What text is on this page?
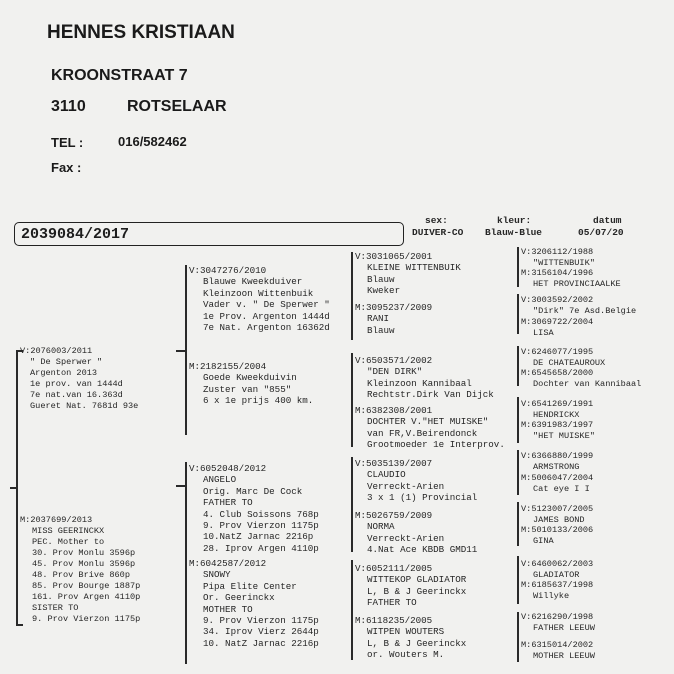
HENNES KRISTIAAN
KROONSTRAAT 7
3110	ROTSELAAR
TEL :	016/582462
Fax :
2039084/2017
sex:
DUIVER-CO
kleur:
Blauw-Blue
datum
05/07/20
V:2076003/2011
" De Sperwer "
Argenton 2013
1e prov. van 1444d
7e nat.van 16.363d
Gueret Nat. 7681d 93e
M:2037699/2013
MISS GEERINCKX
PEC. Mother to
30. Prov Monlu 3596p
45. Prov Monlu 3596p
48. Prov Brive 860p
85. Prov Bourge 1887p
161. Prov Argen 4110p
SISTER TO
9. Prov Vierzon 1175p
V:3047276/2010
Blauwe Kweekduiver
Kleinzoon Wittenbuik
Vader v. " De Sperwer "
1e Prov. Argenton 1444d
7e Nat. Argenton 16362d
M:2182155/2004
Goede Kweekduivin
Zuster van "855"
6 x 1e prijs 400 km.
V:6052048/2012
ANGELO
Orig. Marc De Cock
FATHER TO
4. Club Soissons 768p
9. Prov Vierzon 1175p
10.NatZ Jarnac 2216p
28. Iprov Argen 4110p
M:6042587/2012
SNOWY
Pipa Elite Center
Or. Geerinckx
MOTHER TO
9. Prov Vierzon 1175p
34. Iprov Vierz 2644p
10. NatZ Jarnac 2216p
V:3031065/2001
KLEINE WITTENBUIK
Blauw
Kweker
M:3095237/2009
RANI
Blauw
V:6503571/2002
"DEN DIRK"
Kleinzoon Kannibaal
Rechtstr.Dirk Van Dijck
M:6382308/2001
DOCHTER V."HET MUISKE"
van FR,V.Beirendonck
Grootmoeder 1e Interprov.
V:5035139/2007
CLAUDIO
Verreckt-Arien
3 x 1 (1) Provincial
M:5026759/2009
NORMA
Verreckt-Arien
4.Nat Ace KBDB GMD11
V:6052111/2005
WITTEKOP GLADIATOR
L, B & J Geerinckx
FATHER TO
M:6118235/2005
WITPEN WOUTERS
L, B & J Geerinckx
or. Wouters M.
V:3206112/1988
"WITTENBUIK"
M:3156104/1996
HET PROVINCIAALKE
V:3003592/2002
"Dirk" 7e Asd.Belgie
M:3069722/2004
LISA
V:6246077/1995
DE CHATEAUROUX
M:6545658/2000
Dochter van Kannibaal
V:6541269/1991
HENDRICKX
M:6391983/1997
"HET MUISKE"
V:6366880/1999
ARMSTRONG
M:5006047/2004
Cat eye I I
V:5123007/2005
JAMES BOND
M:5010133/2006
GINA
V:6460062/2003
GLADIATOR
M:6185637/1998
Willyke
V:6216290/1998
FATHER LEEUW
M:6315014/2002
MOTHER LEEUW
